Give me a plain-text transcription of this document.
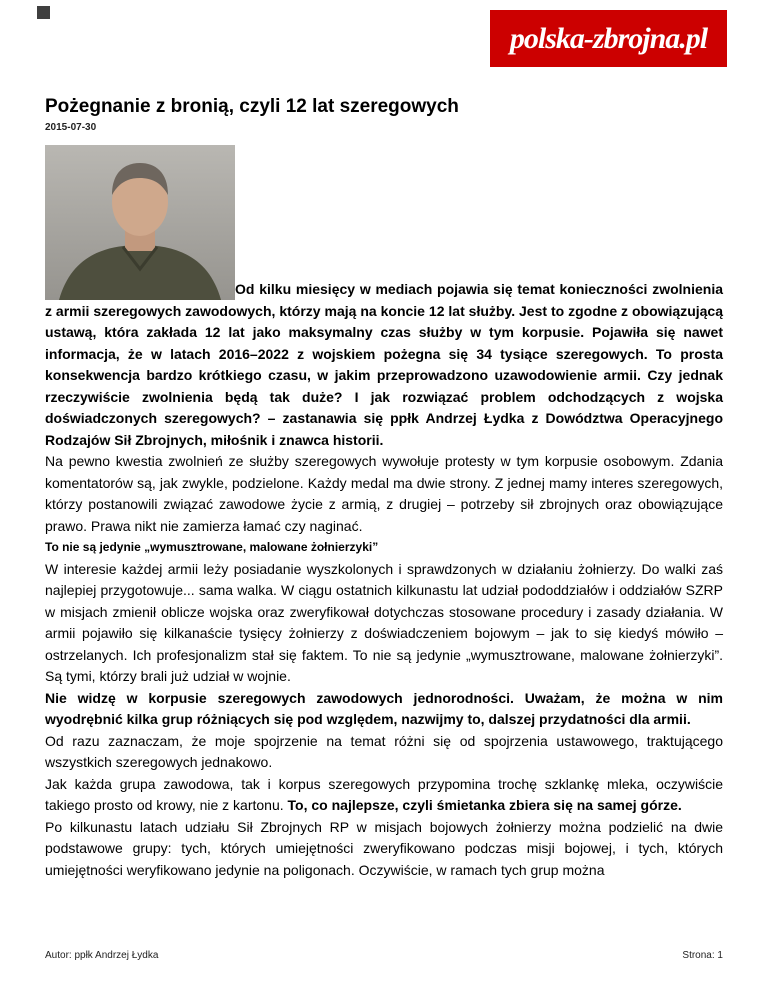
polska-zbrojna.pl
Pożegnanie z bronią, czyli 12 lat szeregowych
2015-07-30

Od kilku miesięcy w mediach pojawia się temat konieczności zwolnienia z armii szeregowych zawodowych, którzy mają na koncie 12 lat służby. Jest to zgodne z obowiązującą ustawą, która zakłada 12 lat jako maksymalny czas służby w tym korpusie. Pojawiła się nawet informacja, że w latach 2016–2022 z wojskiem pożegna się 34 tysiące szeregowych. To prosta konsekwencja bardzo krótkiego czasu, w jakim przeprowadzono uzawodowienie armii. Czy jednak rzeczywiście zwolnienia będą tak duże? I jak rozwiązać problem odchodzących z wojska doświadczonych szeregowych? – zastanawia się ppłk Andrzej Łydka z Dowództwa Operacyjnego Rodzajów Sił Zbrojnych, miłośnik i znawca historii.

Na pewno kwestia zwolnień ze służby szeregowych wywołuje protesty w tym korpusie osobowym. Zdania komentatorów są, jak zwykle, podzielone. Każdy medal ma dwie strony. Z jednej mamy interes szeregowych, którzy postanowili związać zawodowe życie z armią, z drugiej – potrzeby sił zbrojnych oraz obowiązujące prawo. Prawa nikt nie zamierza łamać czy naginać.

To nie są jedynie „wymusztrowane, malowane żołnierzyki”

W interesie każdej armii leży posiadanie wyszkolonych i sprawdzonych w działaniu żołnierzy. Do walki zaś najlepiej przygotowuje... sama walka. W ciągu ostatnich kilkunastu lat udział pododdziałów i oddziałów SZRP w misjach zmienił oblicze wojska oraz zweryfikował dotychczas stosowane procedury i zasady działania. W armii pojawiło się kilkanaście tysięcy żołnierzy z doświadczeniem bojowym – jak to się kiedyś mówiło – ostrzelanych. Ich profesjonalizm stał się faktem. To nie są jedynie „wymusztrowane, malowane żołnierzyki”. Są tymi, którzy brali już udział w wojnie.

Nie widzę w korpusie szeregowych zawodowych jednorodności. Uważam, że można w nim wyodrębnić kilka grup różniących się pod względem, nazwijmy to, dalszej przydatności dla armii.

Od razu zaznaczam, że moje spojrzenie na temat różni się od spojrzenia ustawowego, traktującego wszystkich szeregowych jednakowo.

Jak każda grupa zawodowa, tak i korpus szeregowych przypomina trochę szklankę mleka, oczywiście takiego prosto od krowy, nie z kartonu. To, co najlepsze, czyli śmietanka zbiera się na samej górze.

Po kilkunastu latach udziału Sił Zbrojnych RP w misjach bojowych żołnierzy można podzielić na dwie podstawowe grupy: tych, których umiejętności zweryfikowano podczas misji bojowej, i tych, których umiejętności weryfikowano jedynie na poligonach. Oczywiście, w ramach tych grup można

Autor: ppłk Andrzej Łydka	Strona: 1
